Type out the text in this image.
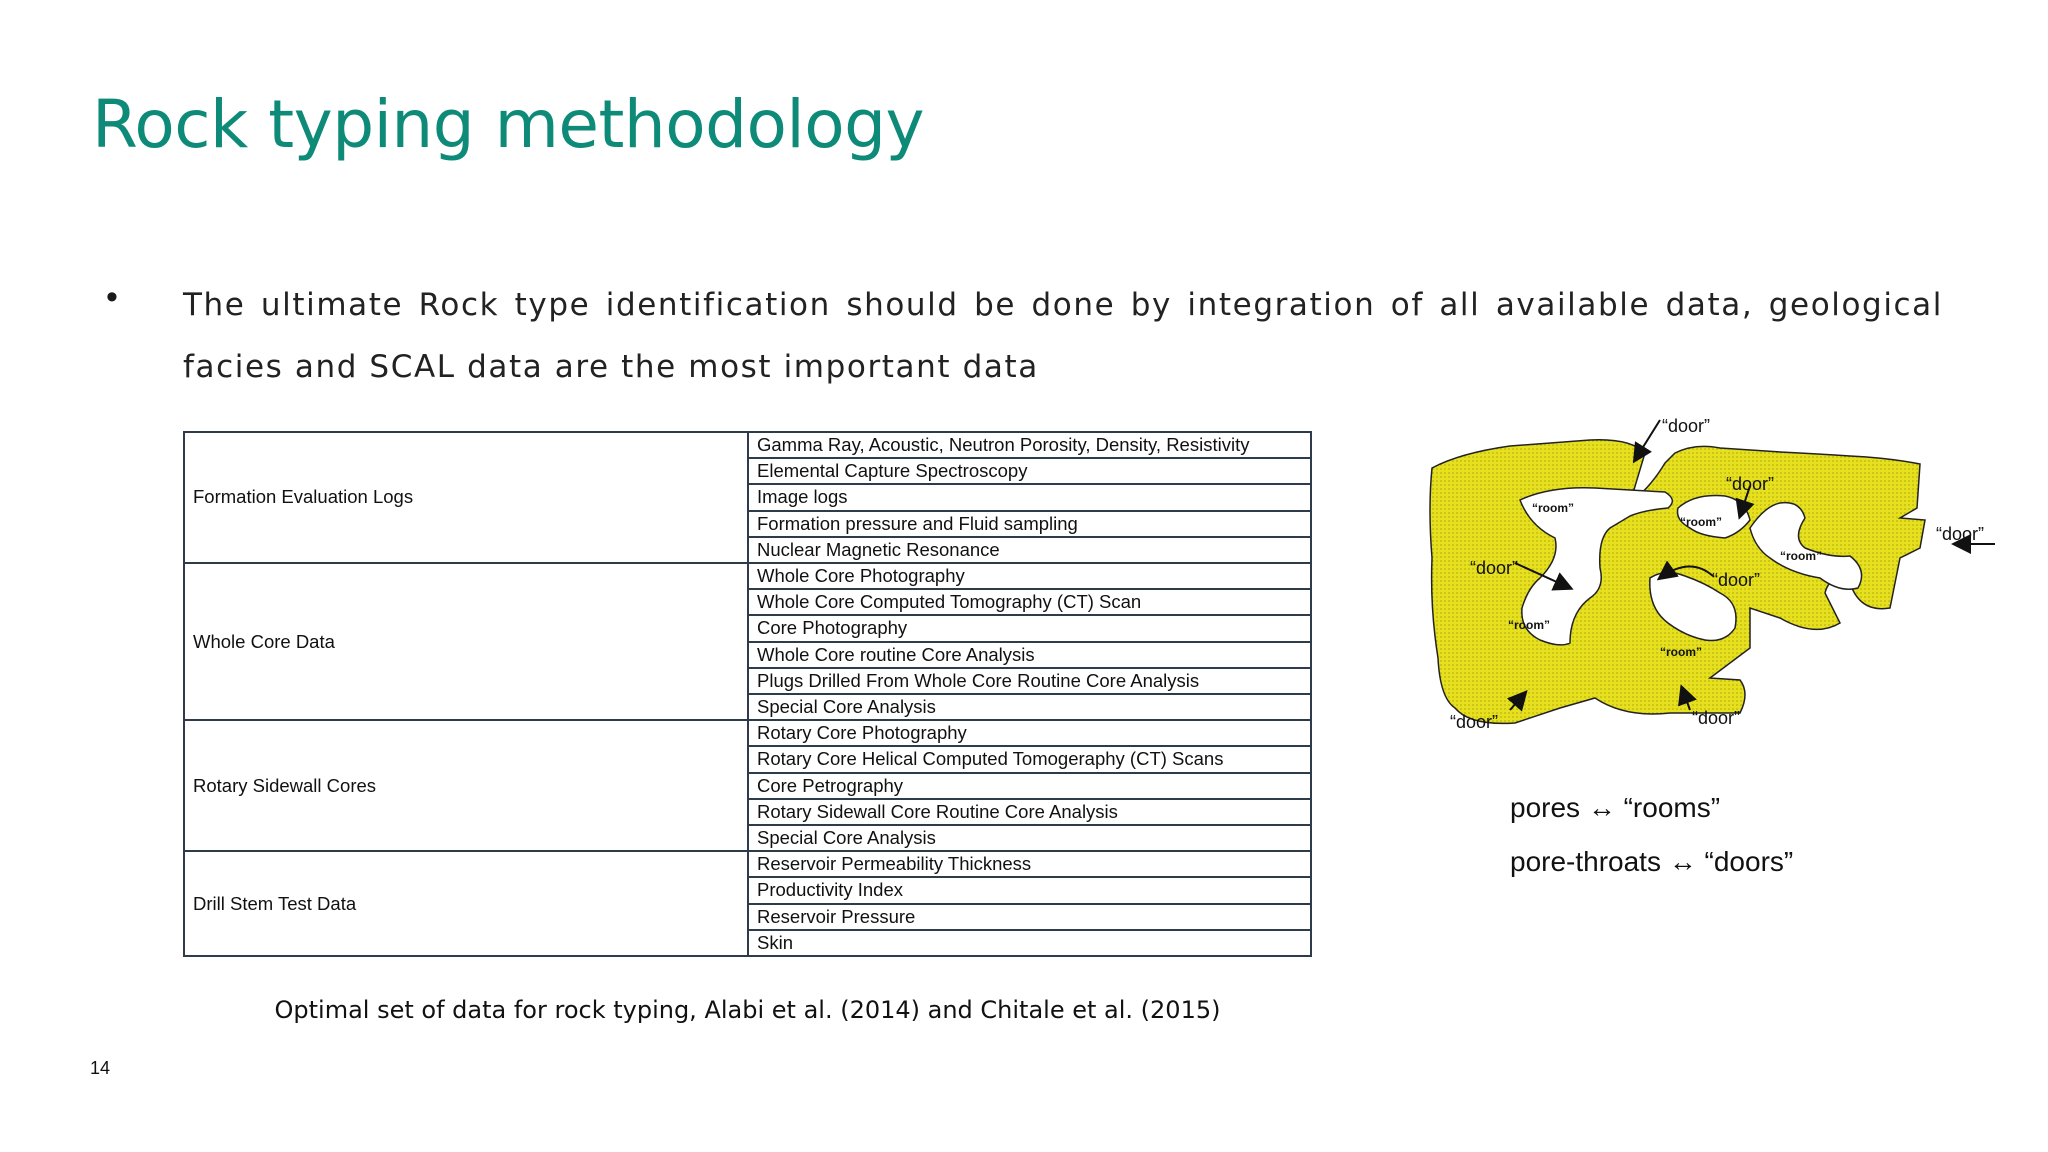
Rock typing methodology
• The ultimate Rock type identification should be done by integration of all available data, geological facies and SCAL data are the most important data
Formation Evaluation Logs	Gamma Ray, Acoustic, Neutron Porosity, Density, Resistivity

	Elemental Capture Spectroscopy
	Image logs
	Formation pressure and Fluid sampling
	Nuclear Magnetic Resonance
Whole Core Data	Whole Core Photography
	Whole Core Computed Tomography (CT) Scan
	Core Photography
	Whole Core routine Core Analysis
	Plugs Drilled From Whole Core Routine Core Analysis
	Special Core Analysis
Rotary Sidewall Cores	Rotary Core Photography
	Rotary Core Helical Computed Tomogeraphy (CT) Scans
	Core Petrography
	Rotary Sidewall Core Routine Core Analysis
	Special Core Analysis
Drill Stem Test Data	Reservoir Permeability Thickness
	Productivity Index
	Reservoir Pressure
	Skin
Optimal set of data for rock typing, Alabi et al. (2014) and Chitale et al. (2015)
14
“door”
“door”
“door”
“door”
“door”
“door”	“door”
“room”
“room”
“room”
“room”
“room”
pores ↔ “rooms”
pore-throats ↔ “doors”
